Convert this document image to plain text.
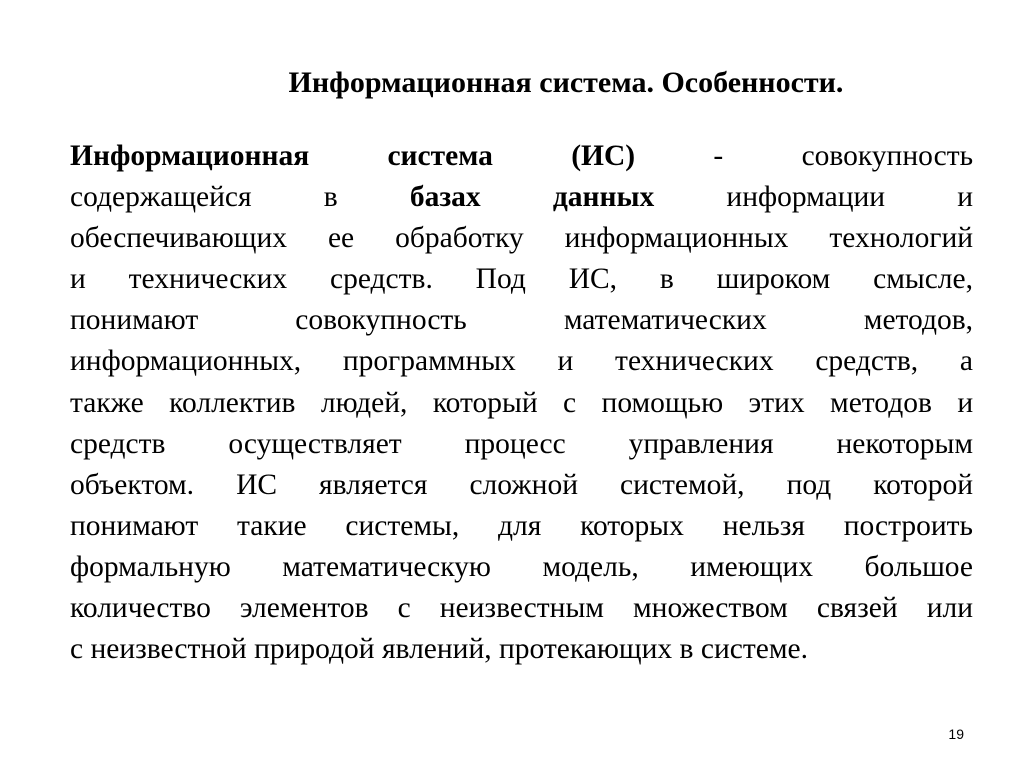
Информационная система. Особенности.
Информационная	система	(ИС)	-	совокупность
содержащейся в базах данных информации и
обеспечивающих ее обработку информационных технологий
и технических средств. Под ИС, в широком смысле,
понимают	совокупность	математических	методов,
информационных, программных и технических средств, а
также коллектив людей, который с помощью этих методов и
средств осуществляет процесс управления некоторым
объектом. ИС является сложной системой, под которой
понимают такие системы, для которых нельзя построить
формальную математическую модель, имеющих большое
количество элементов с неизвестным множеством связей или
с неизвестной природой явлений, протекающих в системе.
19
